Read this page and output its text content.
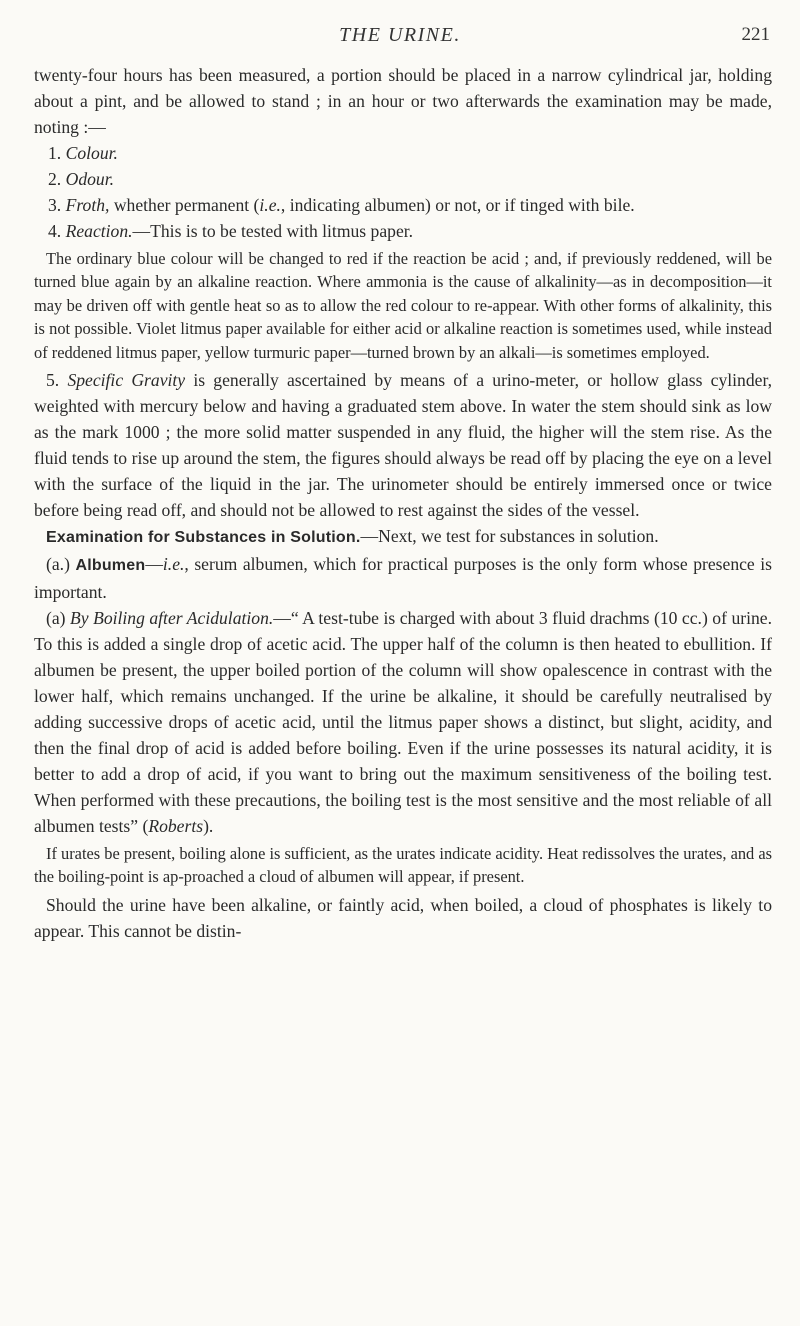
THE URINE.	221

twenty-four hours has been measured, a portion should be placed in a narrow cylindrical jar, holding about a pint, and be allowed to stand ; in an hour or two afterwards the examination may be made, noting :—

1. Colour.

2. Odour.

3. Froth, whether permanent (i.e., indicating albumen) or not, or if tinged with bile.

4. Reaction.—This is to be tested with litmus paper.

The ordinary blue colour will be changed to red if the reaction be acid ; and, if previously reddened, will be turned blue again by an alkaline reaction. Where ammonia is the cause of alkalinity—as in decomposition—it may be driven off with gentle heat so as to allow the red colour to re-appear. With other forms of alkalinity, this is not possible. Violet litmus paper available for either acid or alkaline reaction is sometimes used, while instead of reddened litmus paper, yellow turmuric paper—turned brown by an alkali—is sometimes employed.

5. Specific Gravity is generally ascertained by means of a urino-meter, or hollow glass cylinder, weighted with mercury below and having a graduated stem above. In water the stem should sink as low as the mark 1000 ; the more solid matter suspended in any fluid, the higher will the stem rise. As the fluid tends to rise up around the stem, the figures should always be read off by placing the eye on a level with the surface of the liquid in the jar. The urinometer should be entirely immersed once or twice before being read off, and should not be allowed to rest against the sides of the vessel.

Examination for Substances in Solution.—Next, we test for substances in solution.

(a.) Albumen—i.e., serum albumen, which for practical purposes is the only form whose presence is important.

(a) By Boiling after Acidulation.—“ A test-tube is charged with about 3 fluid drachms (10 cc.) of urine. To this is added a single drop of acetic acid. The upper half of the column is then heated to ebullition. If albumen be present, the upper boiled portion of the column will show opalescence in contrast with the lower half, which remains unchanged. If the urine be alkaline, it should be carefully neutralised by adding successive drops of acetic acid, until the litmus paper shows a distinct, but slight, acidity, and then the final drop of acid is added before boiling. Even if the urine possesses its natural acidity, it is better to add a drop of acid, if you want to bring out the maximum sensitiveness of the boiling test. When performed with these precautions, the boiling test is the most sensitive and the most reliable of all albumen tests” (Roberts).

If urates be present, boiling alone is sufficient, as the urates indicate acidity. Heat redissolves the urates, and as the boiling-point is ap-proached a cloud of albumen will appear, if present.

Should the urine have been alkaline, or faintly acid, when boiled, a cloud of phosphates is likely to appear. This cannot be distin-
